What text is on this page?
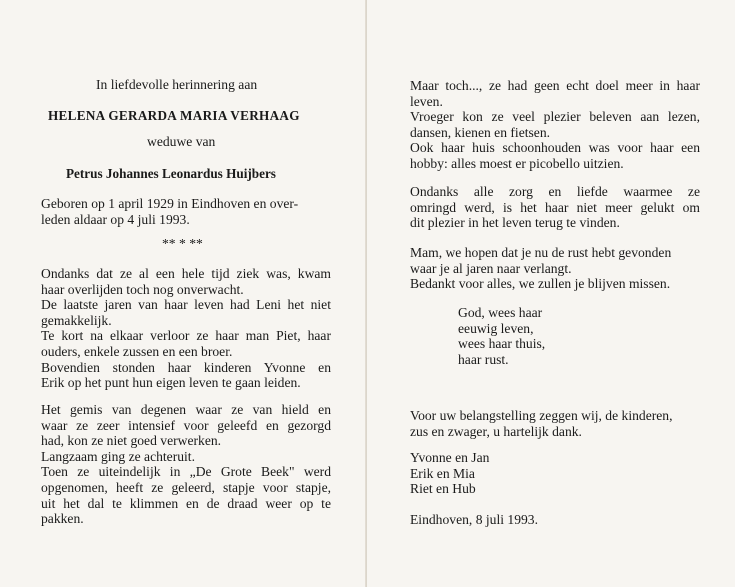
In liefdevolle herinnering aan
HELENA GERARDA MARIA VERHAAG
weduwe van
Petrus Johannes Leonardus Huijbers

Geboren op 1 april 1929 in Eindhoven en over-

leden aldaar op 4 juli 1993.

** * **

Ondanks dat ze al een hele tijd ziek was, kwam

haar overlijden toch nog onverwacht.

De laatste jaren van haar leven had Leni het niet

gemakkelijk.

Te kort na elkaar verloor ze haar man Piet, haar

ouders, enkele zussen en een broer.

Bovendien stonden haar kinderen Yvonne en

Erik op het punt hun eigen leven te gaan leiden.

Het gemis van degenen waar ze van hield en

waar ze zeer intensief voor geleefd en gezorgd

had, kon ze niet goed verwerken.

Langzaam ging ze achteruit.

Toen ze uiteindelijk in „De Grote Beek" werd

opgenomen, heeft ze geleerd, stapje voor stapje,

uit het dal te klimmen en de draad weer op te

pakken.

Maar toch..., ze had geen echt doel meer in haar

leven.

Vroeger kon ze veel plezier beleven aan lezen,

dansen, kienen en fietsen.

Ook haar huis schoonhouden was voor haar een

hobby: alles moest er picobello uitzien.

Ondanks alle zorg en liefde waarmee ze

omringd werd, is het haar niet meer gelukt om

dit plezier in het leven terug te vinden.

Mam, we hopen dat je nu de rust hebt gevonden

waar je al jaren naar verlangt.

Bedankt voor alles, we zullen je blijven missen.

God, wees haar

eeuwig leven,

wees haar thuis,

haar rust.

Voor uw belangstelling zeggen wij, de kinderen,

zus en zwager, u hartelijk dank.

Yvonne en Jan

Erik en Mia

Riet en Hub

Eindhoven, 8 juli 1993.
